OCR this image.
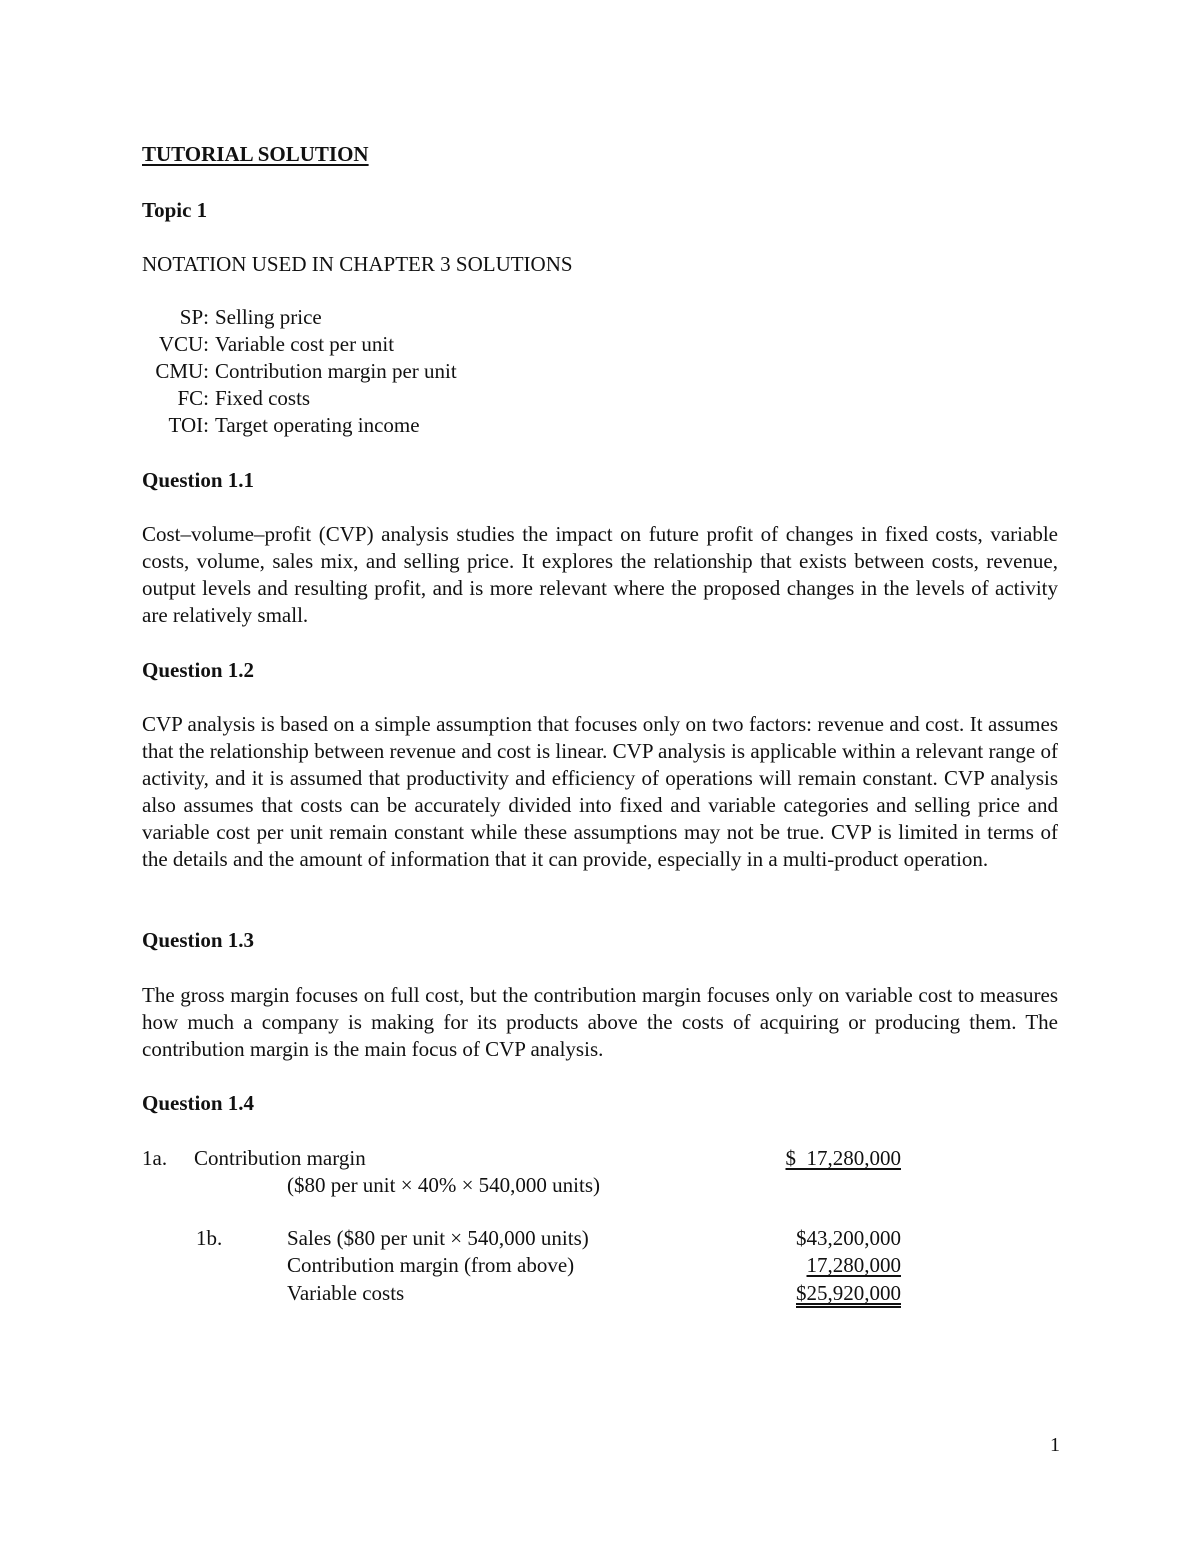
TUTORIAL SOLUTION
Topic 1
NOTATION USED IN CHAPTER 3 SOLUTIONS
SP: Selling price
VCU: Variable cost per unit
CMU: Contribution margin per unit
FC: Fixed costs
TOI: Target operating income
Question 1.1
Cost–volume–profit (CVP) analysis studies the impact on future profit of changes in fixed costs, variable costs, volume, sales mix, and selling price. It explores the relationship that exists between costs, revenue, output levels and resulting profit, and is more relevant where the proposed changes in the levels of activity are relatively small.
Question 1.2
CVP analysis is based on a simple assumption that focuses only on two factors: revenue and cost. It assumes that the relationship between revenue and cost is linear. CVP analysis is applicable within a relevant range of activity, and it is assumed that productivity and efficiency of operations will remain constant. CVP analysis also assumes that costs can be accurately divided into fixed and variable categories and selling price and variable cost per unit remain constant while these assumptions may not be true. CVP is limited in terms of the details and the amount of information that it can provide, especially in a multi-product operation.
Question 1.3
The gross margin focuses on full cost, but the contribution margin focuses only on variable cost to measures how much a company is making for its products above the costs of acquiring or producing them. The contribution margin is the main focus of CVP analysis.
Question 1.4
1a. Contribution margin	$  17,280,000
($80 per unit × 40% × 540,000 units)
1b.	Sales ($80 per unit × 540,000 units)	$43,200,000
Contribution margin (from above)	17,280,000
Variable costs	$25,920,000
1
